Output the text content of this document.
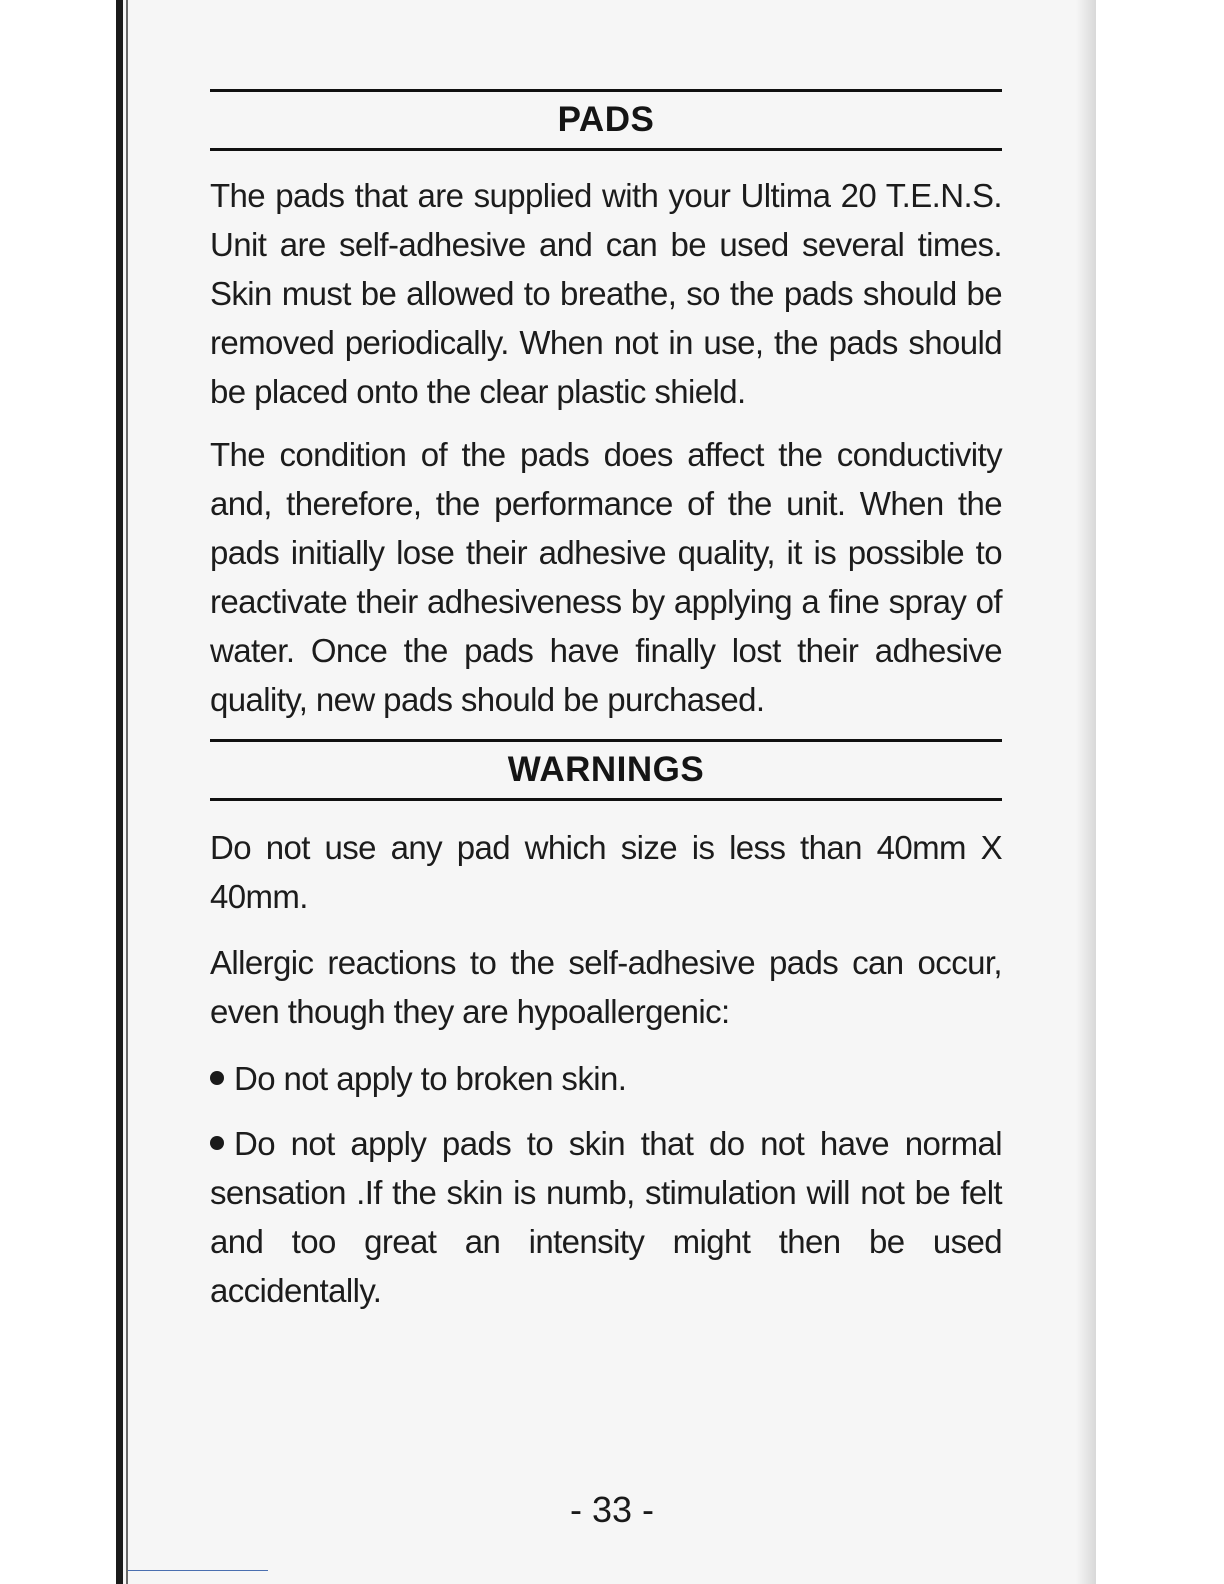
PADS

The pads that are supplied with your Ultima 20 T.E.N.S. Unit are self-adhesive and can be used several times. Skin must be allowed to breathe, so the pads should be removed periodically. When not in use, the pads should be placed onto the clear plastic shield.

The condition of the pads does affect the conductivity and, therefore, the performance of the unit. When the pads initially lose their adhesive quality, it is possible to reactivate their adhesiveness by applying a fine spray of water. Once the pads have finally lost their adhesive quality, new pads should be purchased.

WARNINGS

Do not use any pad which size is less than 40mm X 40mm.

Allergic reactions to the self-adhesive pads can occur, even though they are hypoallergenic:

Do not apply to broken skin.

Do not apply pads to skin that do not have normal sensation .If the skin is numb, stimulation will not be felt and too great an intensity might then be used accidentally.

- 33 -
